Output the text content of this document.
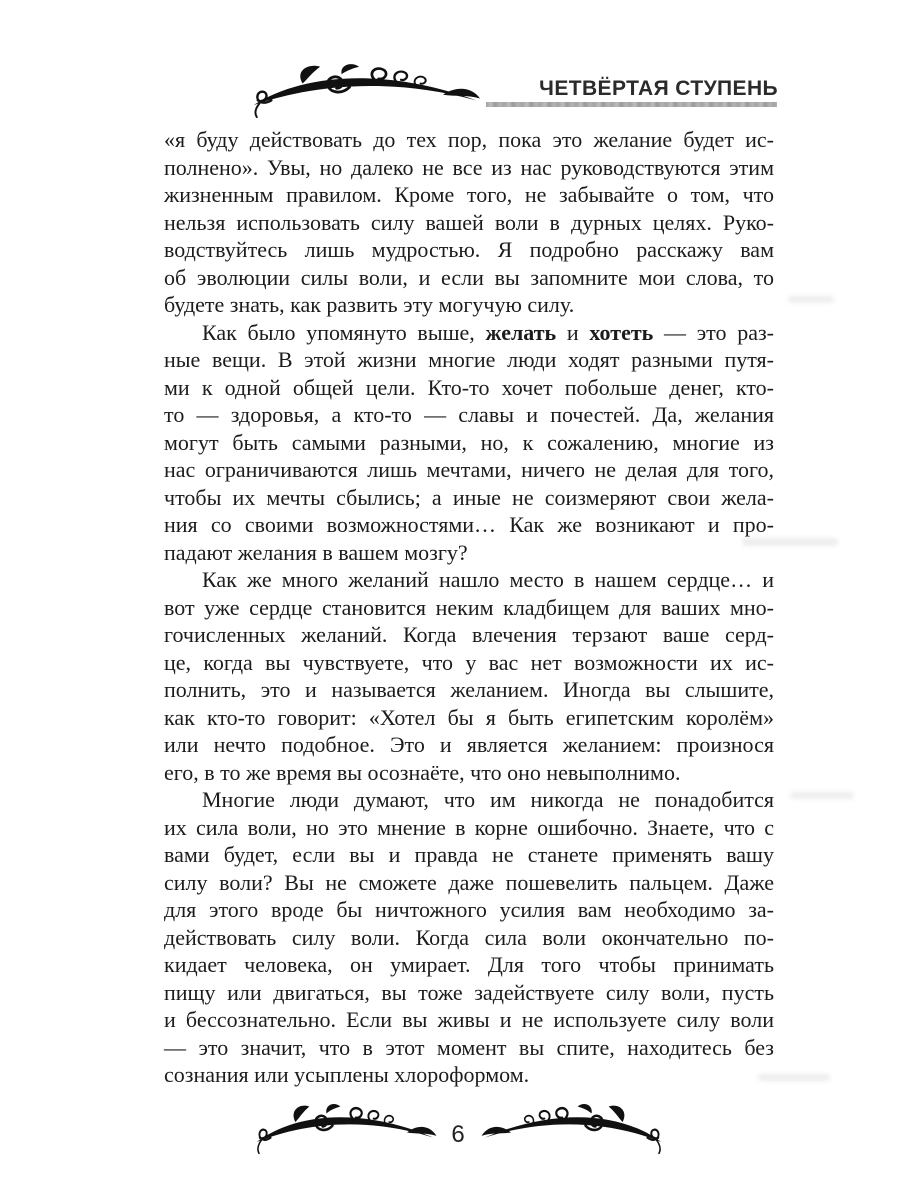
ЧЕТВЁРТАЯ СТУПЕНЬ
«я буду действовать до тех пор, пока это желание будет ис-
полнено». Увы, но далеко не все из нас руководствуются этим
жизненным правилом. Кроме того, не забывайте о том, что
нельзя использовать силу вашей воли в дурных целях. Руко-
водствуйтесь лишь мудростью. Я подробно расскажу вам
об эволюции силы воли, и если вы запомните мои слова, то
будете знать, как развить эту могучую силу.
Как было упомянуто выше, желать и хотеть — это раз-
ные вещи. В этой жизни многие люди ходят разными путя-
ми к одной общей цели. Кто-то хочет побольше денег, кто-
то — здоровья, а кто-то — славы и почестей. Да, желания
могут быть самыми разными, но, к сожалению, многие из
нас ограничиваются лишь мечтами, ничего не делая для того,
чтобы их мечты сбылись; а иные не соизмеряют свои жела-
ния со своими возможностями… Как же возникают и про-
падают желания в вашем мозгу?
Как же много желаний нашло место в нашем сердце… и
вот уже сердце становится неким кладбищем для ваших мно-
гочисленных желаний. Когда влечения терзают ваше серд-
це, когда вы чувствуете, что у вас нет возможности их ис-
полнить, это и называется желанием. Иногда вы слышите,
как кто-то говорит: «Хотел бы я быть египетским королём»
или нечто подобное. Это и является желанием: произнося
его, в то же время вы осознаёте, что оно невыполнимо.
Многие люди думают, что им никогда не понадобится
их сила воли, но это мнение в корне ошибочно. Знаете, что с
вами будет, если вы и правда не станете применять вашу
силу воли? Вы не сможете даже пошевелить пальцем. Даже
для этого вроде бы ничтожного усилия вам необходимо за-
действовать силу воли. Когда сила воли окончательно по-
кидает человека, он умирает. Для того чтобы принимать
пищу или двигаться, вы тоже задействуете силу воли, пусть
и бессознательно. Если вы живы и не используете силу воли
— это значит, что в этот момент вы спите, находитесь без
сознания или усыплены хлороформом.
6
